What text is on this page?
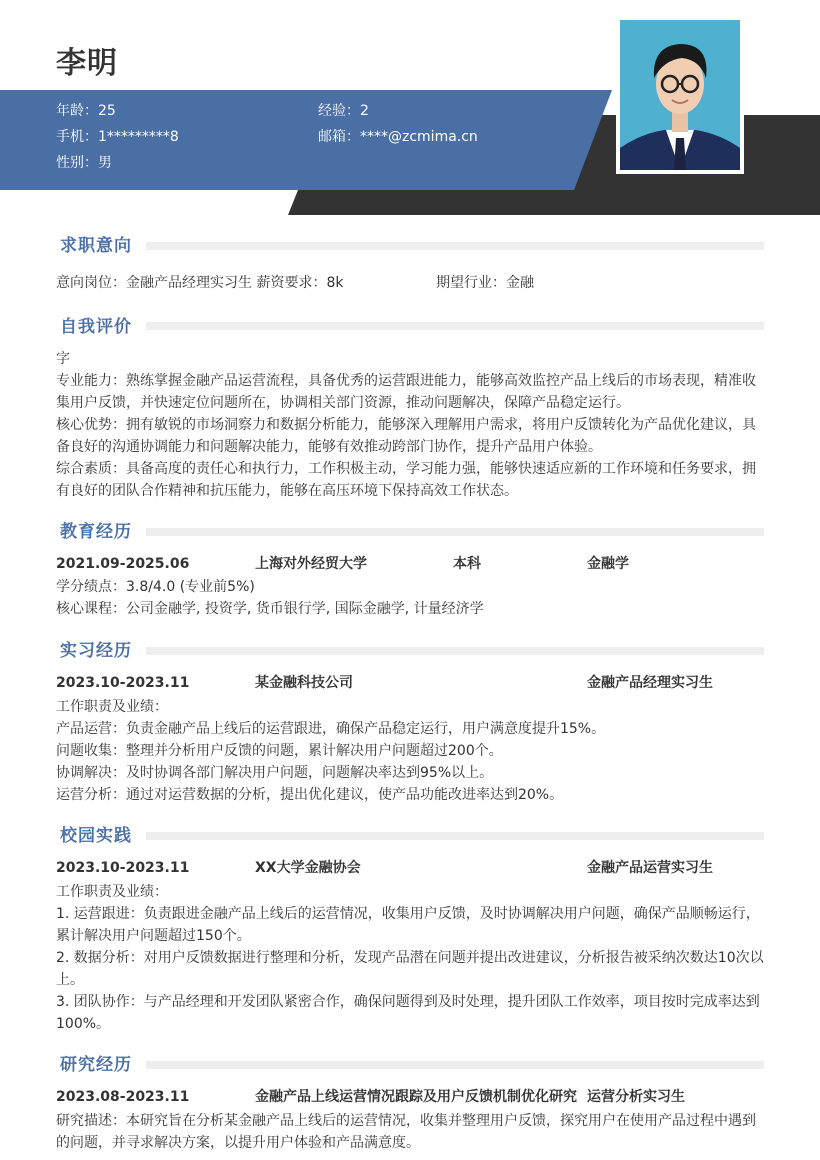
李明
年龄：25	经验：2
手机：1*********8	邮箱：****@zcmima.cn
性别：男
求职意向
意向岗位：金融产品经理实习生 薪资要求：8k	期望行业：金融
自我评价
字
专业能力：熟练掌握金融产品运营流程，具备优秀的运营跟进能力，能够高效监控产品上线后的市场表现，精准收集用户反馈，并快速定位问题所在，协调相关部门资源，推动问题解决，保障产品稳定运行。
核心优势：拥有敏锐的市场洞察力和数据分析能力，能够深入理解用户需求，将用户反馈转化为产品优化建议，具备良好的沟通协调能力和问题解决能力，能够有效推动跨部门协作，提升产品用户体验。
综合素质：具备高度的责任心和执行力，工作积极主动，学习能力强，能够快速适应新的工作环境和任务要求，拥有良好的团队合作精神和抗压能力，能够在高压环境下保持高效工作状态。
教育经历
2021.09-2025.06	上海对外经贸大学	本科	金融学
学分绩点：3.8/4.0 (专业前5%)
核心课程：公司金融学, 投资学, 货币银行学, 国际金融学, 计量经济学
实习经历
2023.10-2023.11	某金融科技公司	金融产品经理实习生
工作职责及业绩：
产品运营：负责金融产品上线后的运营跟进，确保产品稳定运行，用户满意度提升15%。
问题收集：整理并分析用户反馈的问题，累计解决用户问题超过200个。
协调解决：及时协调各部门解决用户问题，问题解决率达到95%以上。
运营分析：通过对运营数据的分析，提出优化建议，使产品功能改进率达到20%。
校园实践
2023.10-2023.11	XX大学金融协会	金融产品运营实习生
工作职责及业绩：
1. 运营跟进：负责跟进金融产品上线后的运营情况，收集用户反馈，及时协调解决用户问题，确保产品顺畅运行，累计解决用户问题超过150个。
2. 数据分析：对用户反馈数据进行整理和分析，发现产品潜在问题并提出改进建议，分析报告被采纳次数达10次以上。
3. 团队协作：与产品经理和开发团队紧密合作，确保问题得到及时处理，提升团队工作效率，项目按时完成率达到100%。
研究经历
2023.08-2023.11	金融产品上线运营情况跟踪及用户反馈机制优化研究 运营分析实习生
研究描述：本研究旨在分析某金融产品上线后的运营情况，收集并整理用户反馈，探究用户在使用产品过程中遇到的问题，并寻求解决方案，以提升用户体验和产品满意度。
